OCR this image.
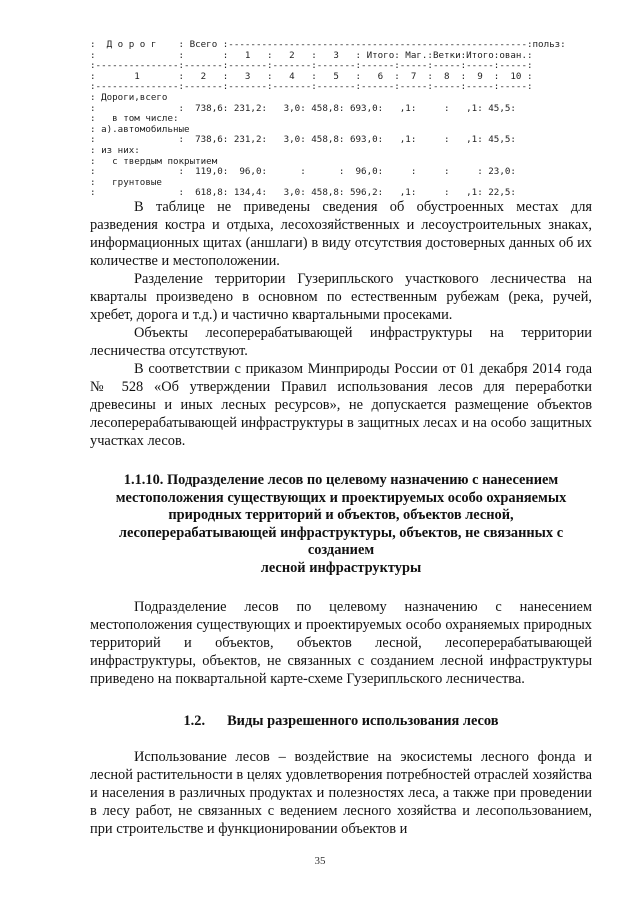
:  Д о р о г    : Всего :------------------------------------------------------:польз:
:               :       :   1   :   2   :   3   : Итого: Маг.:Ветки:Итого:ован.:
:---------------:-------:-------:-------:-------:------:-----:-----:-----:-----:
:       1       :   2   :   3   :   4   :   5   :   6  :  7  :  8  :  9  :  10 :
:---------------:-------:-------:-------:-------:------:-----:-----:-----:-----:
: Дороги,всего
:               :  738,6: 231,2:   3,0: 458,8: 693,0:   ,1:     :   ,1: 45,5:
:   в том числе:
: а).автомобильные
:               :  738,6: 231,2:   3,0: 458,8: 693,0:   ,1:     :   ,1: 45,5:
: из них:
:   с твердым покрытием
:               :  119,0:  96,0:      :      :  96,0:     :     :     : 23,0:
:   грунтовые
:               :  618,8: 134,4:   3,0: 458,8: 596,2:   ,1:     :   ,1: 22,5:

В таблице не приведены сведения об обустроенных местах для разведения костра и отдыха, лесохозяйственных и лесоустроительных знаках, информационных щитах (аншлаги) в виду отсутствия достоверных данных об их количестве и местоположении.

Разделение территории Гузерипльского участкового лесничества на кварталы произведено в основном по естественным рубежам (река, ручей, хребет, дорога и т.д.) и частично квартальными просеками.

Объекты лесоперерабатывающей инфраструктуры на территории лесничества отсутствуют.

В соответствии с приказом Минприроды России от 01 декабря 2014 года № 528 «Об утверждении Правил использования лесов для переработки древесины и иных лесных ресурсов», не допускается размещение объектов лесоперерабатывающей инфраструктуры в защитных лесах и на особо защитных участках лесов.

1.1.10. Подразделение лесов по целевому назначению с нанесением

местоположения существующих и проектируемых особо охраняемых

природных территорий и объектов, объектов лесной,

лесоперерабатывающей инфраструктуры, объектов, не связанных с

созданием

лесной инфраструктуры

Подразделение лесов по целевому назначению с нанесением местоположения существующих и проектируемых особо охраняемых природных территорий и объектов, объектов лесной, лесоперерабатывающей инфраструктуры, объектов, не связанных с созданием лесной инфраструктуры приведено на поквартальной карте-схеме Гузерипльского лесничества.

1.2. Виды разрешенного использования лесов

Использование лесов – воздействие на экосистемы лесного фонда и лесной растительности в целях удовлетворения потребностей отраслей хозяйства и населения в различных продуктах и полезностях леса, а также при проведении в лесу работ, не связанных с ведением лесного хозяйства и лесопользованием, при строительстве и функционировании объектов и

35
